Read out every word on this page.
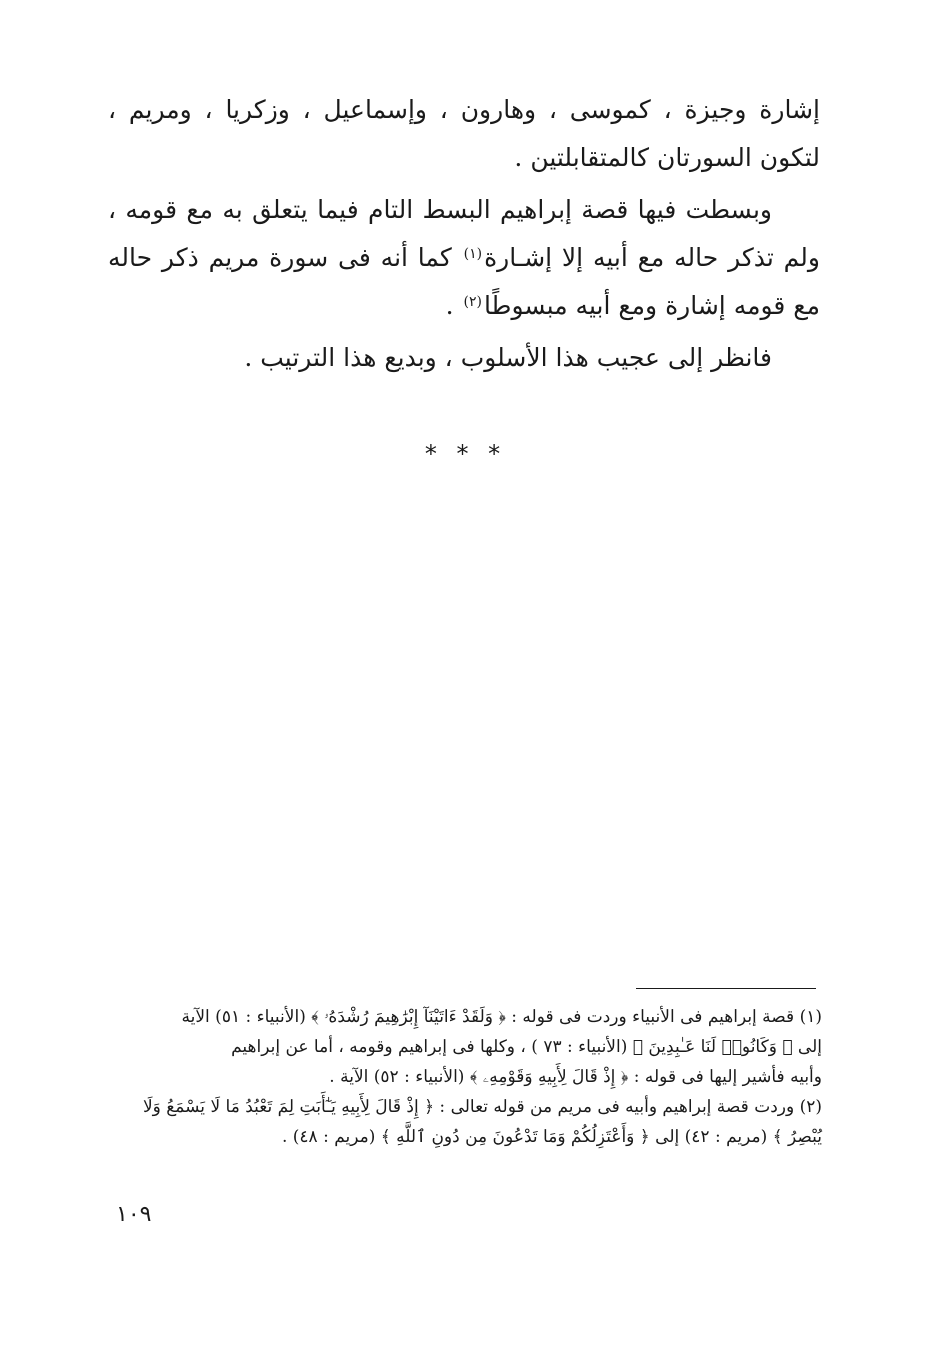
إشارة وجيزة ، كموسى ، وهارون ، وإسماعيل ، وزكريا ، ومريم ، لتكون السورتان كالمتقابلتين .

وبسطت فيها قصة إبراهيم البسط التام فيما يتعلق به مع قومه ، ولم تذكر حاله مع أبيه إلا إشـارة$^{(١)}$ كما أنه فى سورة مريم ذكر حاله مع قومه إشارة ومع أبيه مبسوطًا$^{(٢)}$ .

فانظر إلى عجيب هذا الأسلوب ، وبديع هذا الترتيب .

* * *

(١) قصة إبراهيم فى الأنبياء وردت فى قوله : ﴿ وَلَقَدْ ءَاتَيْنَآ إِبْرَٰهِيمَ رُشْدَهُۥ ﴾ (الأنبياء : ٥١) الآية

إلى ﴿ وَكَانُوا۟ لَنَا عَـٰبِدِينَ ﴾ (الأنبياء : ٧٣ ) ، وكلها فى إبراهيم وقومه ، أما عن إبراهيم

وأبيه فأشير إليها فى قوله : ﴿ إِذْ قَالَ لِأَبِيهِ وَقَوْمِهِۦ ﴾ (الأنبياء : ٥٢) الآية .

(٢) وردت قصة إبراهيم وأبيه فى مريم من قوله تعالى : ﴿ إِذْ قَالَ لِأَبِيهِ يَـٰٓأَبَتِ لِمَ تَعْبُدُ مَا لَا يَسْمَعُ وَلَا

يُبْصِرُ ﴾ (مريم : ٤٢) إلى ﴿ وَأَعْتَزِلُكُمْ وَمَا تَدْعُونَ مِن دُونِ ٱللَّهِ ﴾ (مريم : ٤٨) .

١٠٩
